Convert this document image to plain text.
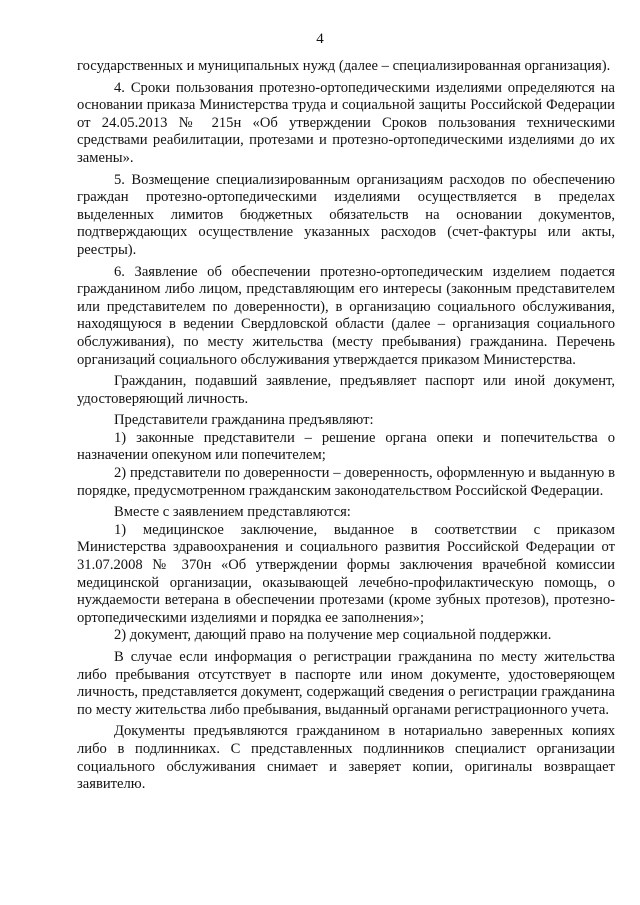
4

государственных и муниципальных нужд (далее – специализированная организация).

4. Сроки пользования протезно-ортопедическими изделиями определяются на основании приказа Министерства труда и социальной защиты Российской Федерации от 24.05.2013 № 215н «Об утверждении Сроков пользования техническими средствами реабилитации, протезами и протезно-ортопедическими изделиями до их замены».

5. Возмещение специализированным организациям расходов по обеспечению граждан протезно-ортопедическими изделиями осуществляется в пределах выделенных лимитов бюджетных обязательств на основании документов, подтверждающих осуществление указанных расходов (счет-фактуры или акты, реестры).

6. Заявление об обеспечении протезно-ортопедическим изделием подается гражданином либо лицом, представляющим его интересы (законным представителем или представителем по доверенности), в организацию социального обслуживания, находящуюся в ведении Свердловской области (далее – организация социального обслуживания), по месту жительства (месту пребывания) гражданина. Перечень организаций социального обслуживания утверждается приказом Министерства.

Гражданин, подавший заявление, предъявляет паспорт или иной документ, удостоверяющий личность.

Представители гражданина предъявляют:

1) законные представители – решение органа опеки и попечительства о назначении опекуном или попечителем;

2) представители по доверенности – доверенность, оформленную и выданную в порядке, предусмотренном гражданским законодательством Российской Федерации.

Вместе с заявлением представляются:

1) медицинское заключение, выданное в соответствии с приказом Министерства здравоохранения и социального развития Российской Федерации от 31.07.2008 № 370н «Об утверждении формы заключения врачебной комиссии медицинской организации, оказывающей лечебно-профилактическую помощь, о нуждаемости ветерана в обеспечении протезами (кроме зубных протезов), протезно-ортопедическими изделиями и порядка ее заполнения»;

2) документ, дающий право на получение мер социальной поддержки.

В случае если информация о регистрации гражданина по месту жительства либо пребывания отсутствует в паспорте или ином документе, удостоверяющем личность, представляется документ, содержащий сведения о регистрации гражданина по месту жительства либо пребывания, выданный органами регистрационного учета.

Документы предъявляются гражданином в нотариально заверенных копиях либо в подлинниках. С представленных подлинников специалист организации социального обслуживания снимает и заверяет копии, оригиналы возвращает заявителю.
